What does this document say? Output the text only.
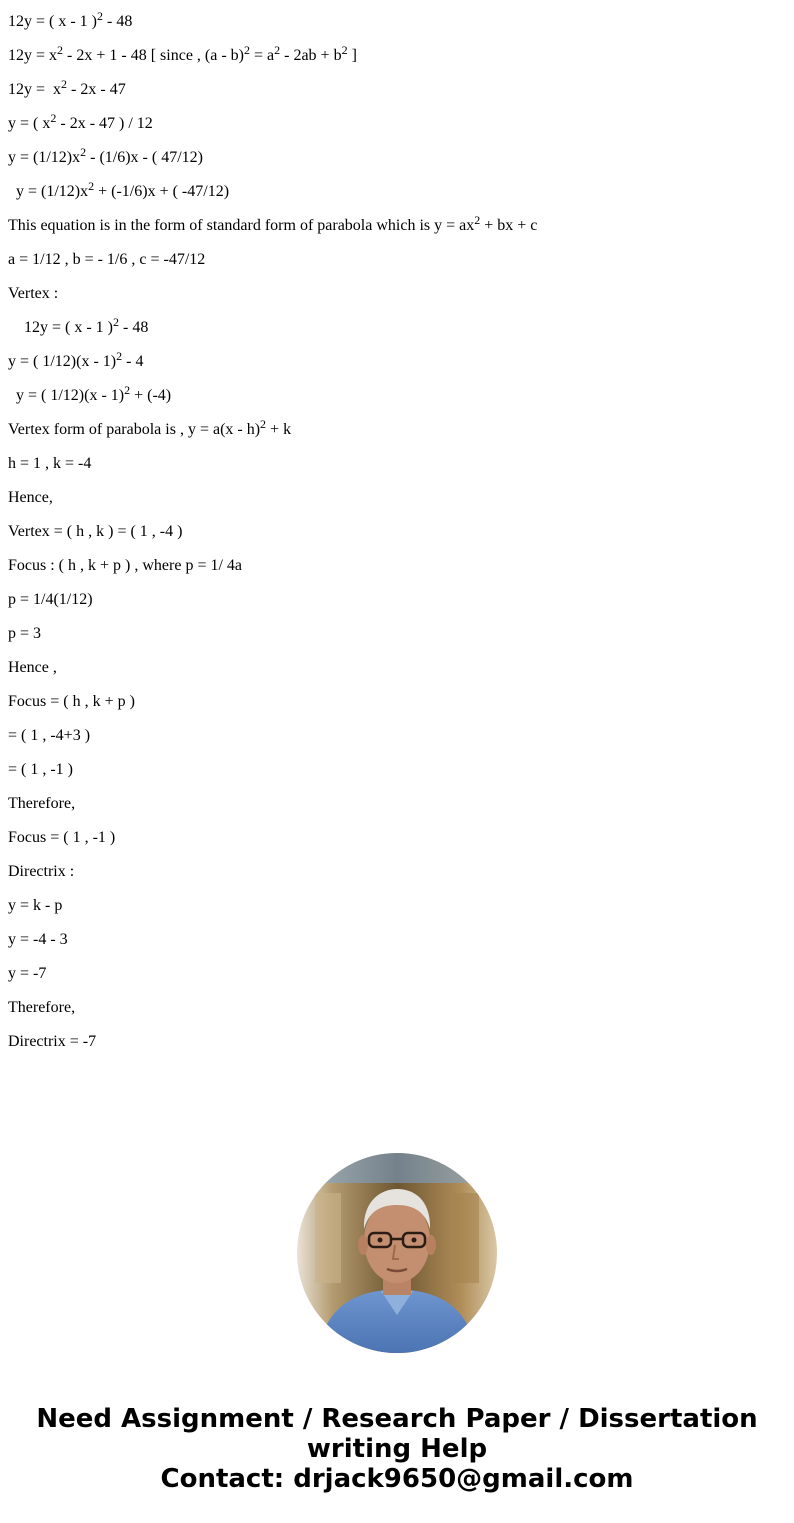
12y = ( x - 1 )$^2$ - 48

$12y = x^2 - 2x + 1 - 48$ [ since , $(a - b)^2 = a^2 - 2ab + b^2$ ]

$12y = x^2 - 2x - 47$

y = ( $x^2 - 2x - 47$ ) / 12

$y = (1/12)x^2 - (1/6)x$ - ( 47/12)

$y = (1/12)x^2 + (-1/6)x$ + ( -47/12)

This equation is in the form of standard form of parabola which is $y = ax^2$ + bx + c

a = 1/12 , b = - 1/6 , c = -47/12

Vertex :

12y = ( x - 1 )$^2$ - 48

y = ( 1/12)(x - 1)$^2$ - 4

y = ( 1/12)(x - 1)$^2$ + (-4)

Vertex form of parabola is , y = a(x - h)$^2$ + k

h = 1 , k = -4

Hence,

Vertex = ( h , k ) = ( 1 , -4 )

Focus : ( h , k + p ) , where p = 1/ 4a

p = 1/4(1/12)

p = 3

Hence ,

Focus = ( h , k + p )

= ( 1 , -4+3 )

= ( 1 , -1 )

Therefore,

Focus = ( 1 , -1 )

Directrix :

y = k - p

y = -4 - 3

y = -7

Therefore,

Directrix = -7

Need Assignment / Research Paper / Dissertation
writing Help
Contact: drjack9650@gmail.com
